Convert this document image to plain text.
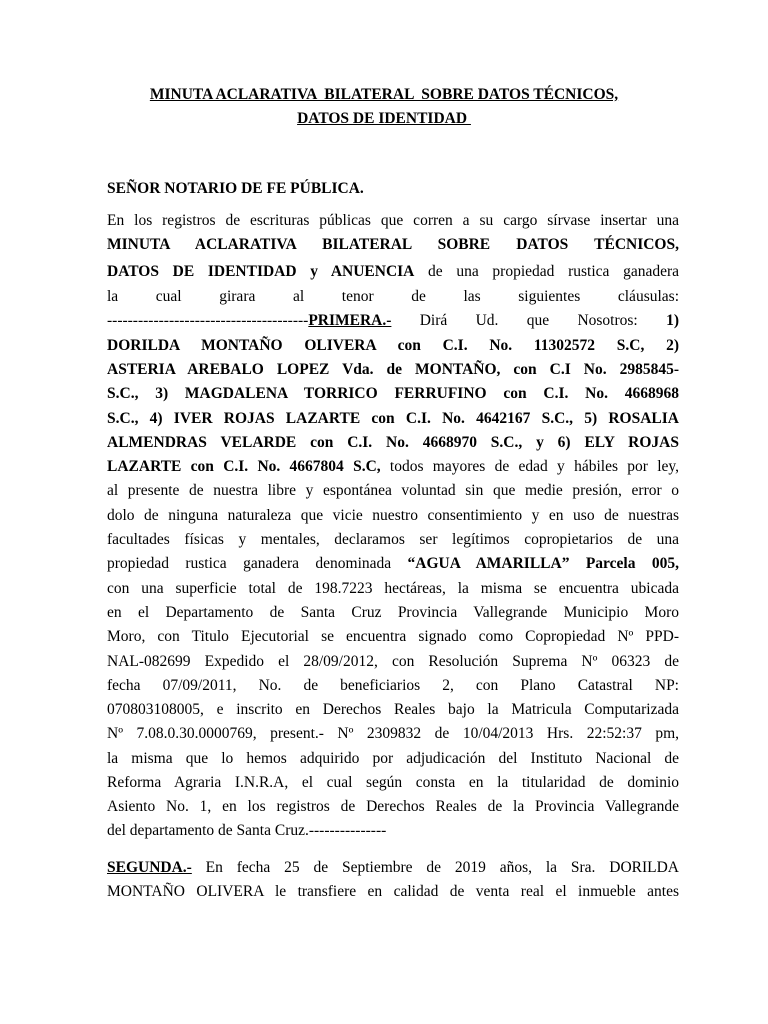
MINUTA ACLARATIVA  BILATERAL  SOBRE DATOS TÉCNICOS,
DATOS DE IDENTIDAD
SEÑOR NOTARIO DE FE PÚBLICA.
En los registros de escrituras públicas que corren a su cargo sírvase insertar una
MINUTA ACLARATIVA BILATERAL SOBRE DATOS TÉCNICOS,
DATOS DE IDENTIDAD y ANUENCIA de una propiedad rustica ganadera
la cual girara al tenor de las siguientes cláusulas:
---------------------------------------PRIMERA.- Dirá Ud. que Nosotros: 1)
DORILDA MONTAÑO OLIVERA con C.I. No. 11302572 S.C, 2)
ASTERIA AREBALO LOPEZ Vda. de MONTAÑO, con C.I No. 2985845-
S.C., 3) MAGDALENA TORRICO FERRUFINO con C.I. No. 4668968
S.C., 4) IVER ROJAS LAZARTE con C.I. No. 4642167 S.C., 5) ROSALIA
ALMENDRAS VELARDE con C.I. No. 4668970 S.C., y 6) ELY ROJAS
LAZARTE con C.I. No. 4667804 S.C, todos mayores de edad y hábiles por ley,
al presente de nuestra libre y espontánea voluntad sin que medie presión, error o
dolo de ninguna naturaleza que vicie nuestro consentimiento y en uso de nuestras
facultades físicas y mentales, declaramos ser legítimos copropietarios de una
propiedad rustica ganadera denominada “AGUA AMARILLA” Parcela 005,
con una superficie total de 198.7223 hectáreas, la misma se encuentra ubicada
en el Departamento de Santa Cruz Provincia Vallegrande Municipio Moro
Moro, con Titulo Ejecutorial se encuentra signado como Copropiedad Nº PPD-
NAL-082699 Expedido el 28/09/2012, con Resolución Suprema Nº 06323 de
fecha 07/09/2011, No. de beneficiarios 2, con Plano Catastral NP:
070803108005, e inscrito en Derechos Reales bajo la Matricula Computarizada
Nº 7.08.0.30.0000769, present.- Nº 2309832 de 10/04/2013 Hrs. 22:52:37 pm,
la misma que lo hemos adquirido por adjudicación del Instituto Nacional de
Reforma Agraria I.N.R.A, el cual según consta en la titularidad de dominio
Asiento No. 1, en los registros de Derechos Reales de la Provincia Vallegrande
del departamento de Santa Cruz.---------------
SEGUNDA.- En fecha 25 de Septiembre de 2019 años, la Sra. DORILDA
MONTAÑO OLIVERA le transfiere en calidad de venta real el inmueble antes
